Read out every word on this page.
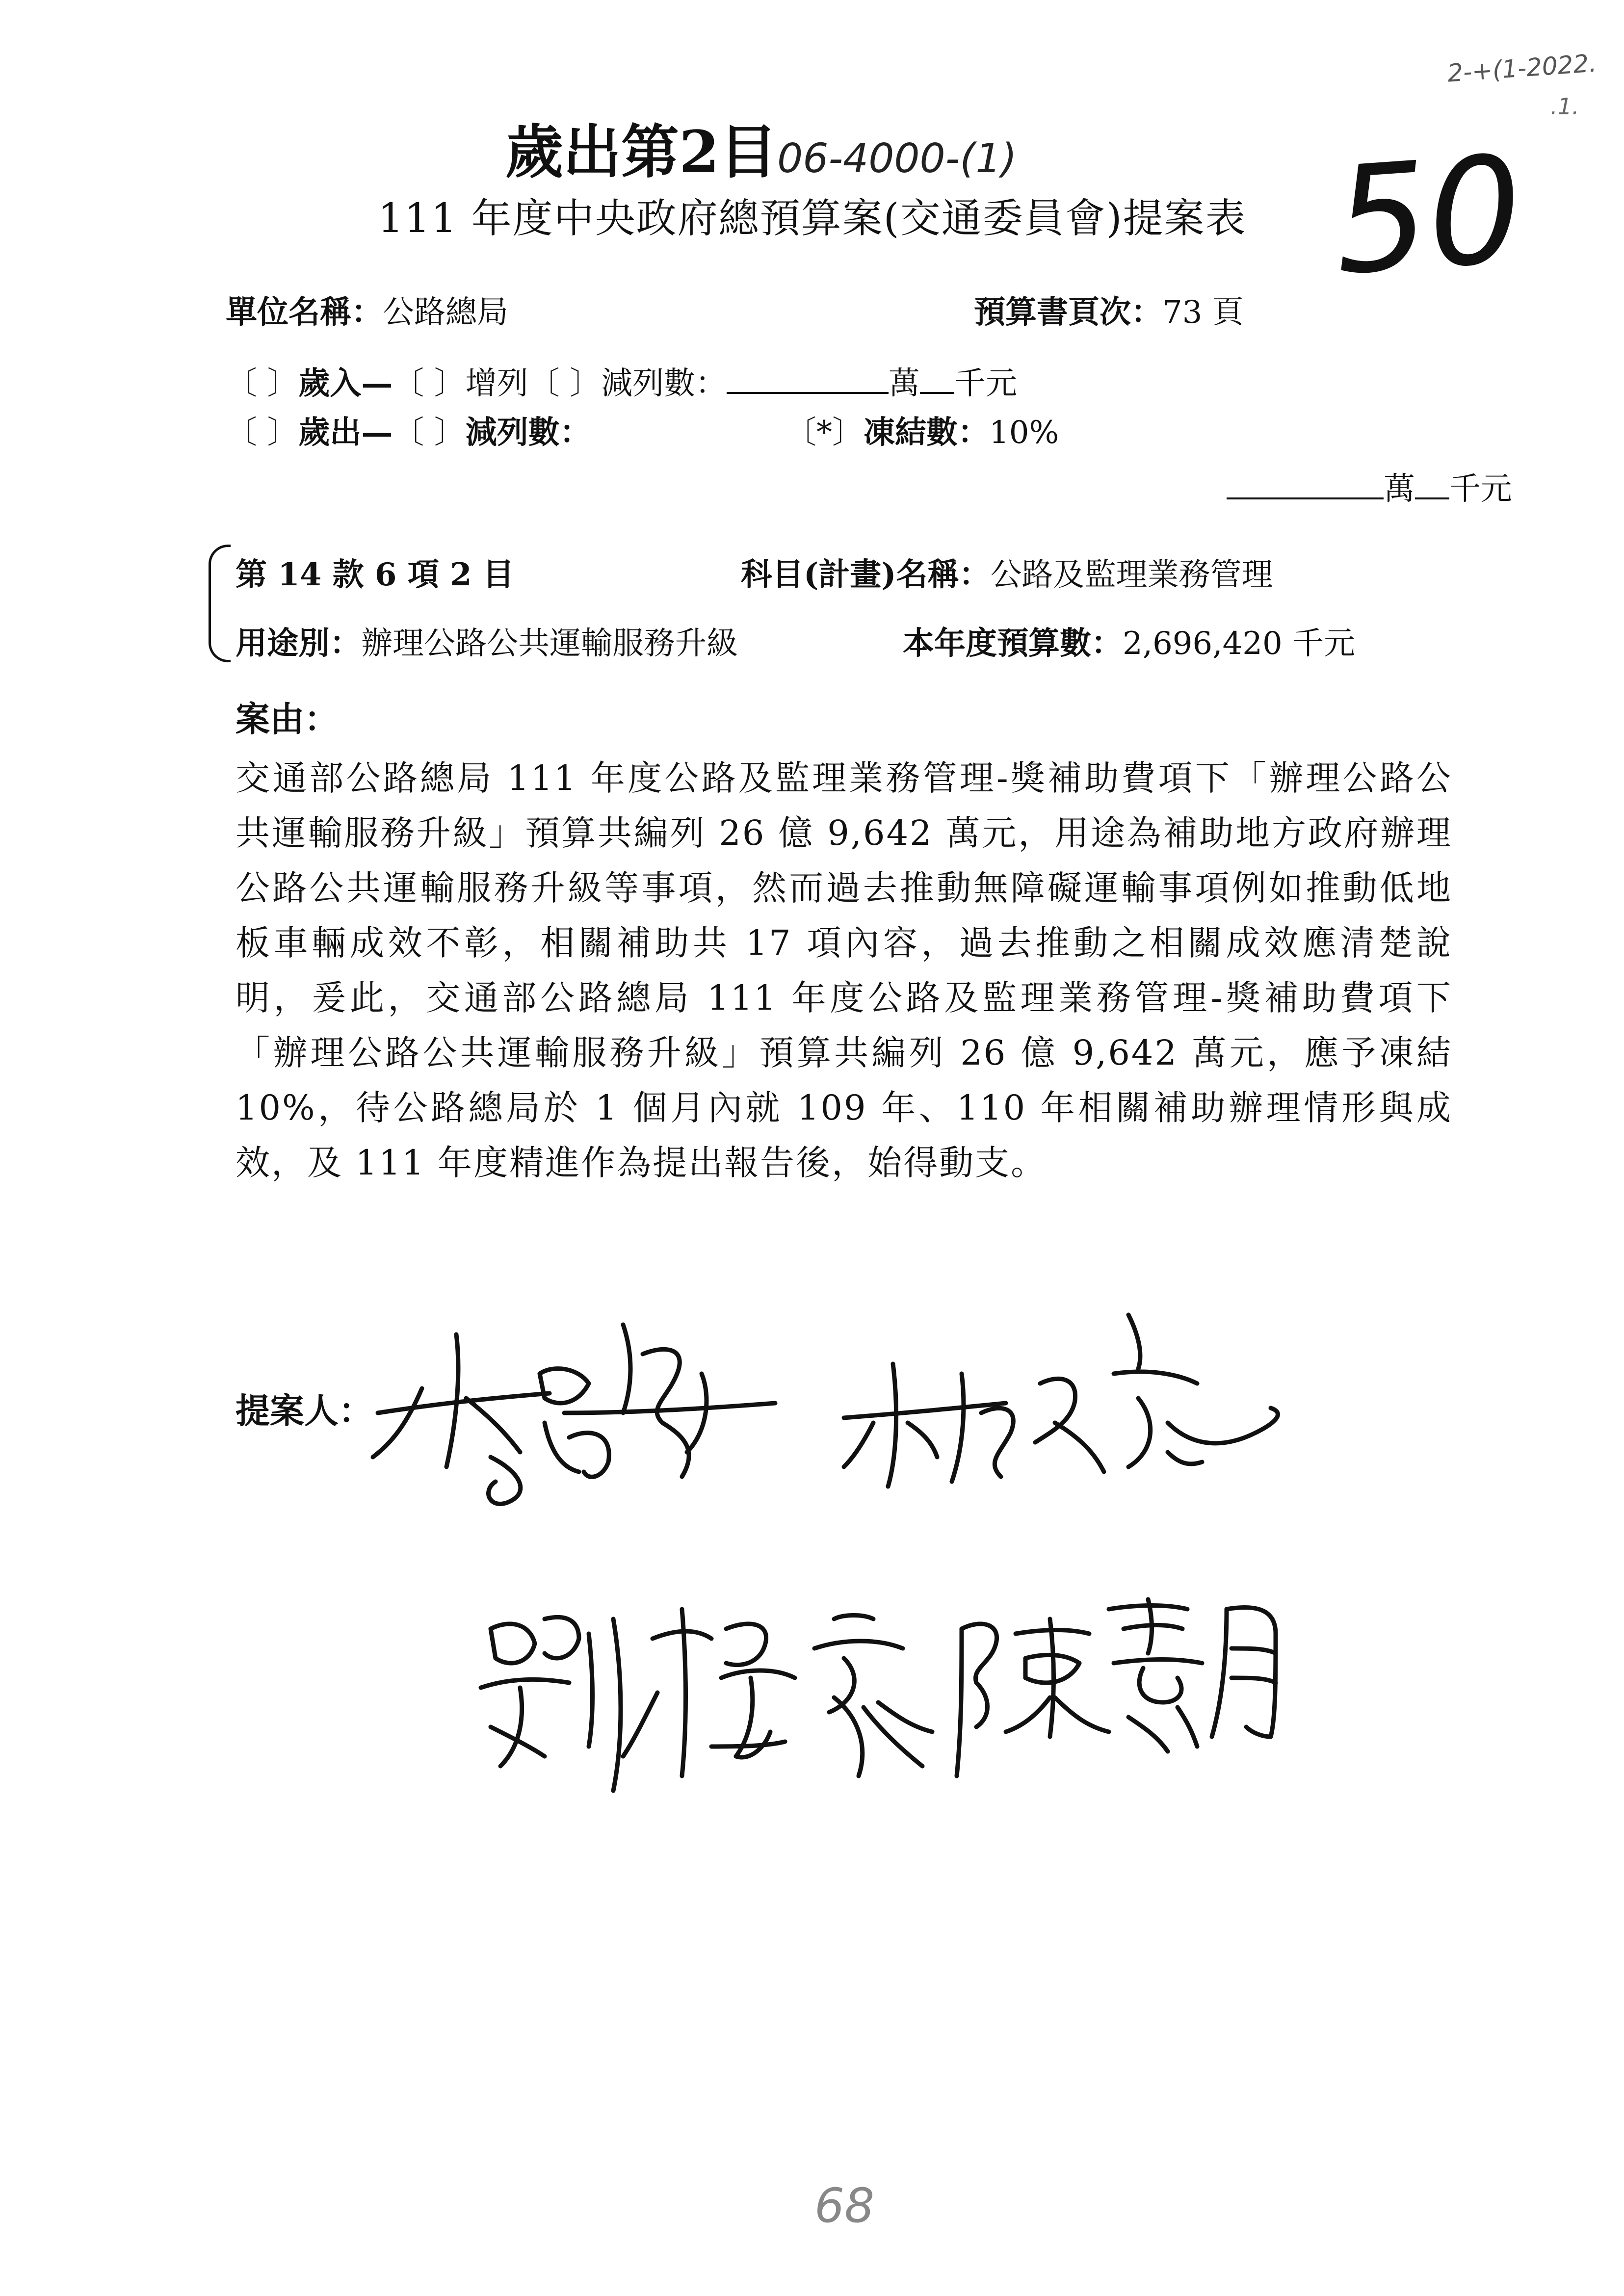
2-+(1-2022.
.1.
50
歲出第2目06-4000-(1)
111 年度中央政府總預算案(交通委員會)提案表
單位名稱：公路總局	預算書頁次：73 頁
〔 〕歲入—〔 〕增列〔 〕減列數：	萬 千元
〔 〕歲出—〔 〕減列數：	〔*〕凍結數：10%
萬 千元
第 14 款 6 項 2 目	科目(計畫)名稱：公路及監理業務管理
用途別：辦理公路公共運輸服務升級	本年度預算數：2,696,420 千元
案由：
交通部公路總局 111 年度公路及監理業務管理-獎補助費項下「辦理公路公共運輸服務升級」預算共編列 26 億 9,642 萬元，用途為補助地方政府辦理公路公共運輸服務升級等事項，然而過去推動無障礙運輸事項例如推動低地板車輛成效不彰，相關補助共 17 項內容，過去推動之相關成效應清楚說明，爰此，交通部公路總局 111 年度公路及監理業務管理-獎補助費項下「辦理公路公共運輸服務升級」預算共編列 26 億 9,642 萬元，應予凍結 10%，待公路總局於 1 個月內就 109 年、110 年相關補助辦理情形與成效，及 111 年度精進作為提出報告後，始得動支。
提案人：
68
